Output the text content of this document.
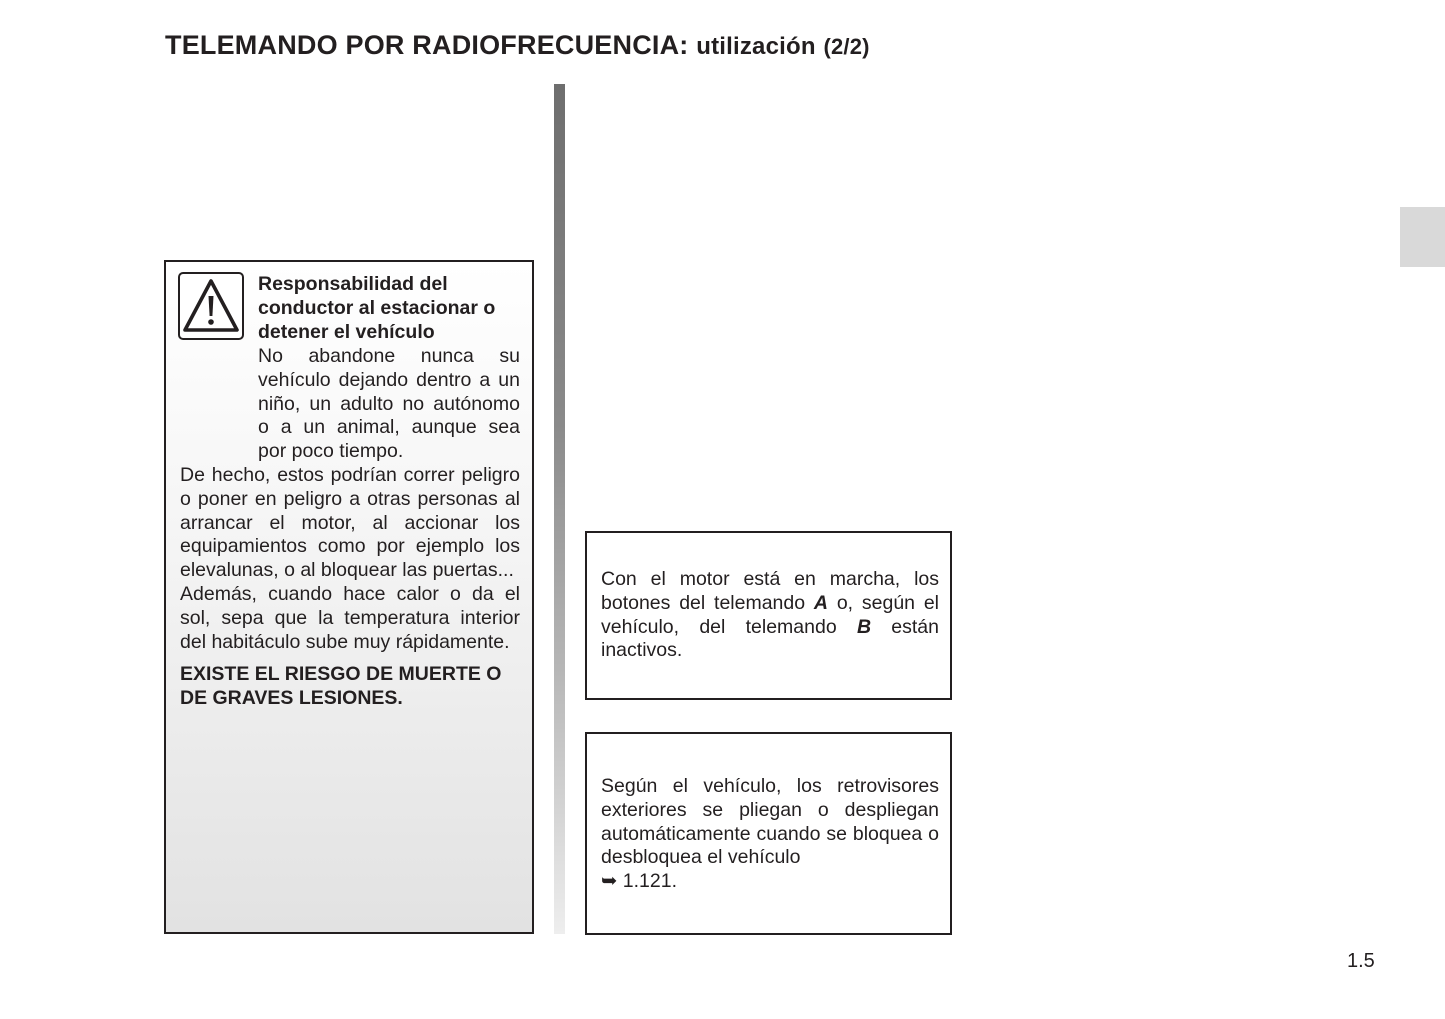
TELEMANDO POR RADIOFRECUENCIA: utilización (2/2)
Responsabilidad del conductor al estacionar o detener el vehículo

No abandone nunca su vehículo dejando dentro a un niño, un adulto no autónomo o a un animal, aunque sea por poco tiempo.

De hecho, estos podrían correr peligro o poner en peligro a otras personas al arrancar el motor, al accionar los equipamientos como por ejemplo los elevalunas, o al bloquear las puertas...

Además, cuando hace calor o da el sol, sepa que la temperatura interior del habitáculo sube muy rápidamente.

EXISTE EL RIESGO DE MUERTE O DE GRAVES LESIONES.

Con el motor está en marcha, los botones del telemando A o, según el vehículo, del telemando B están inactivos.

Según el vehículo, los retrovisores exteriores se pliegan o despliegan automáticamente cuando se bloquea o desbloquea el vehículo
➥ 1.121.

1.5
